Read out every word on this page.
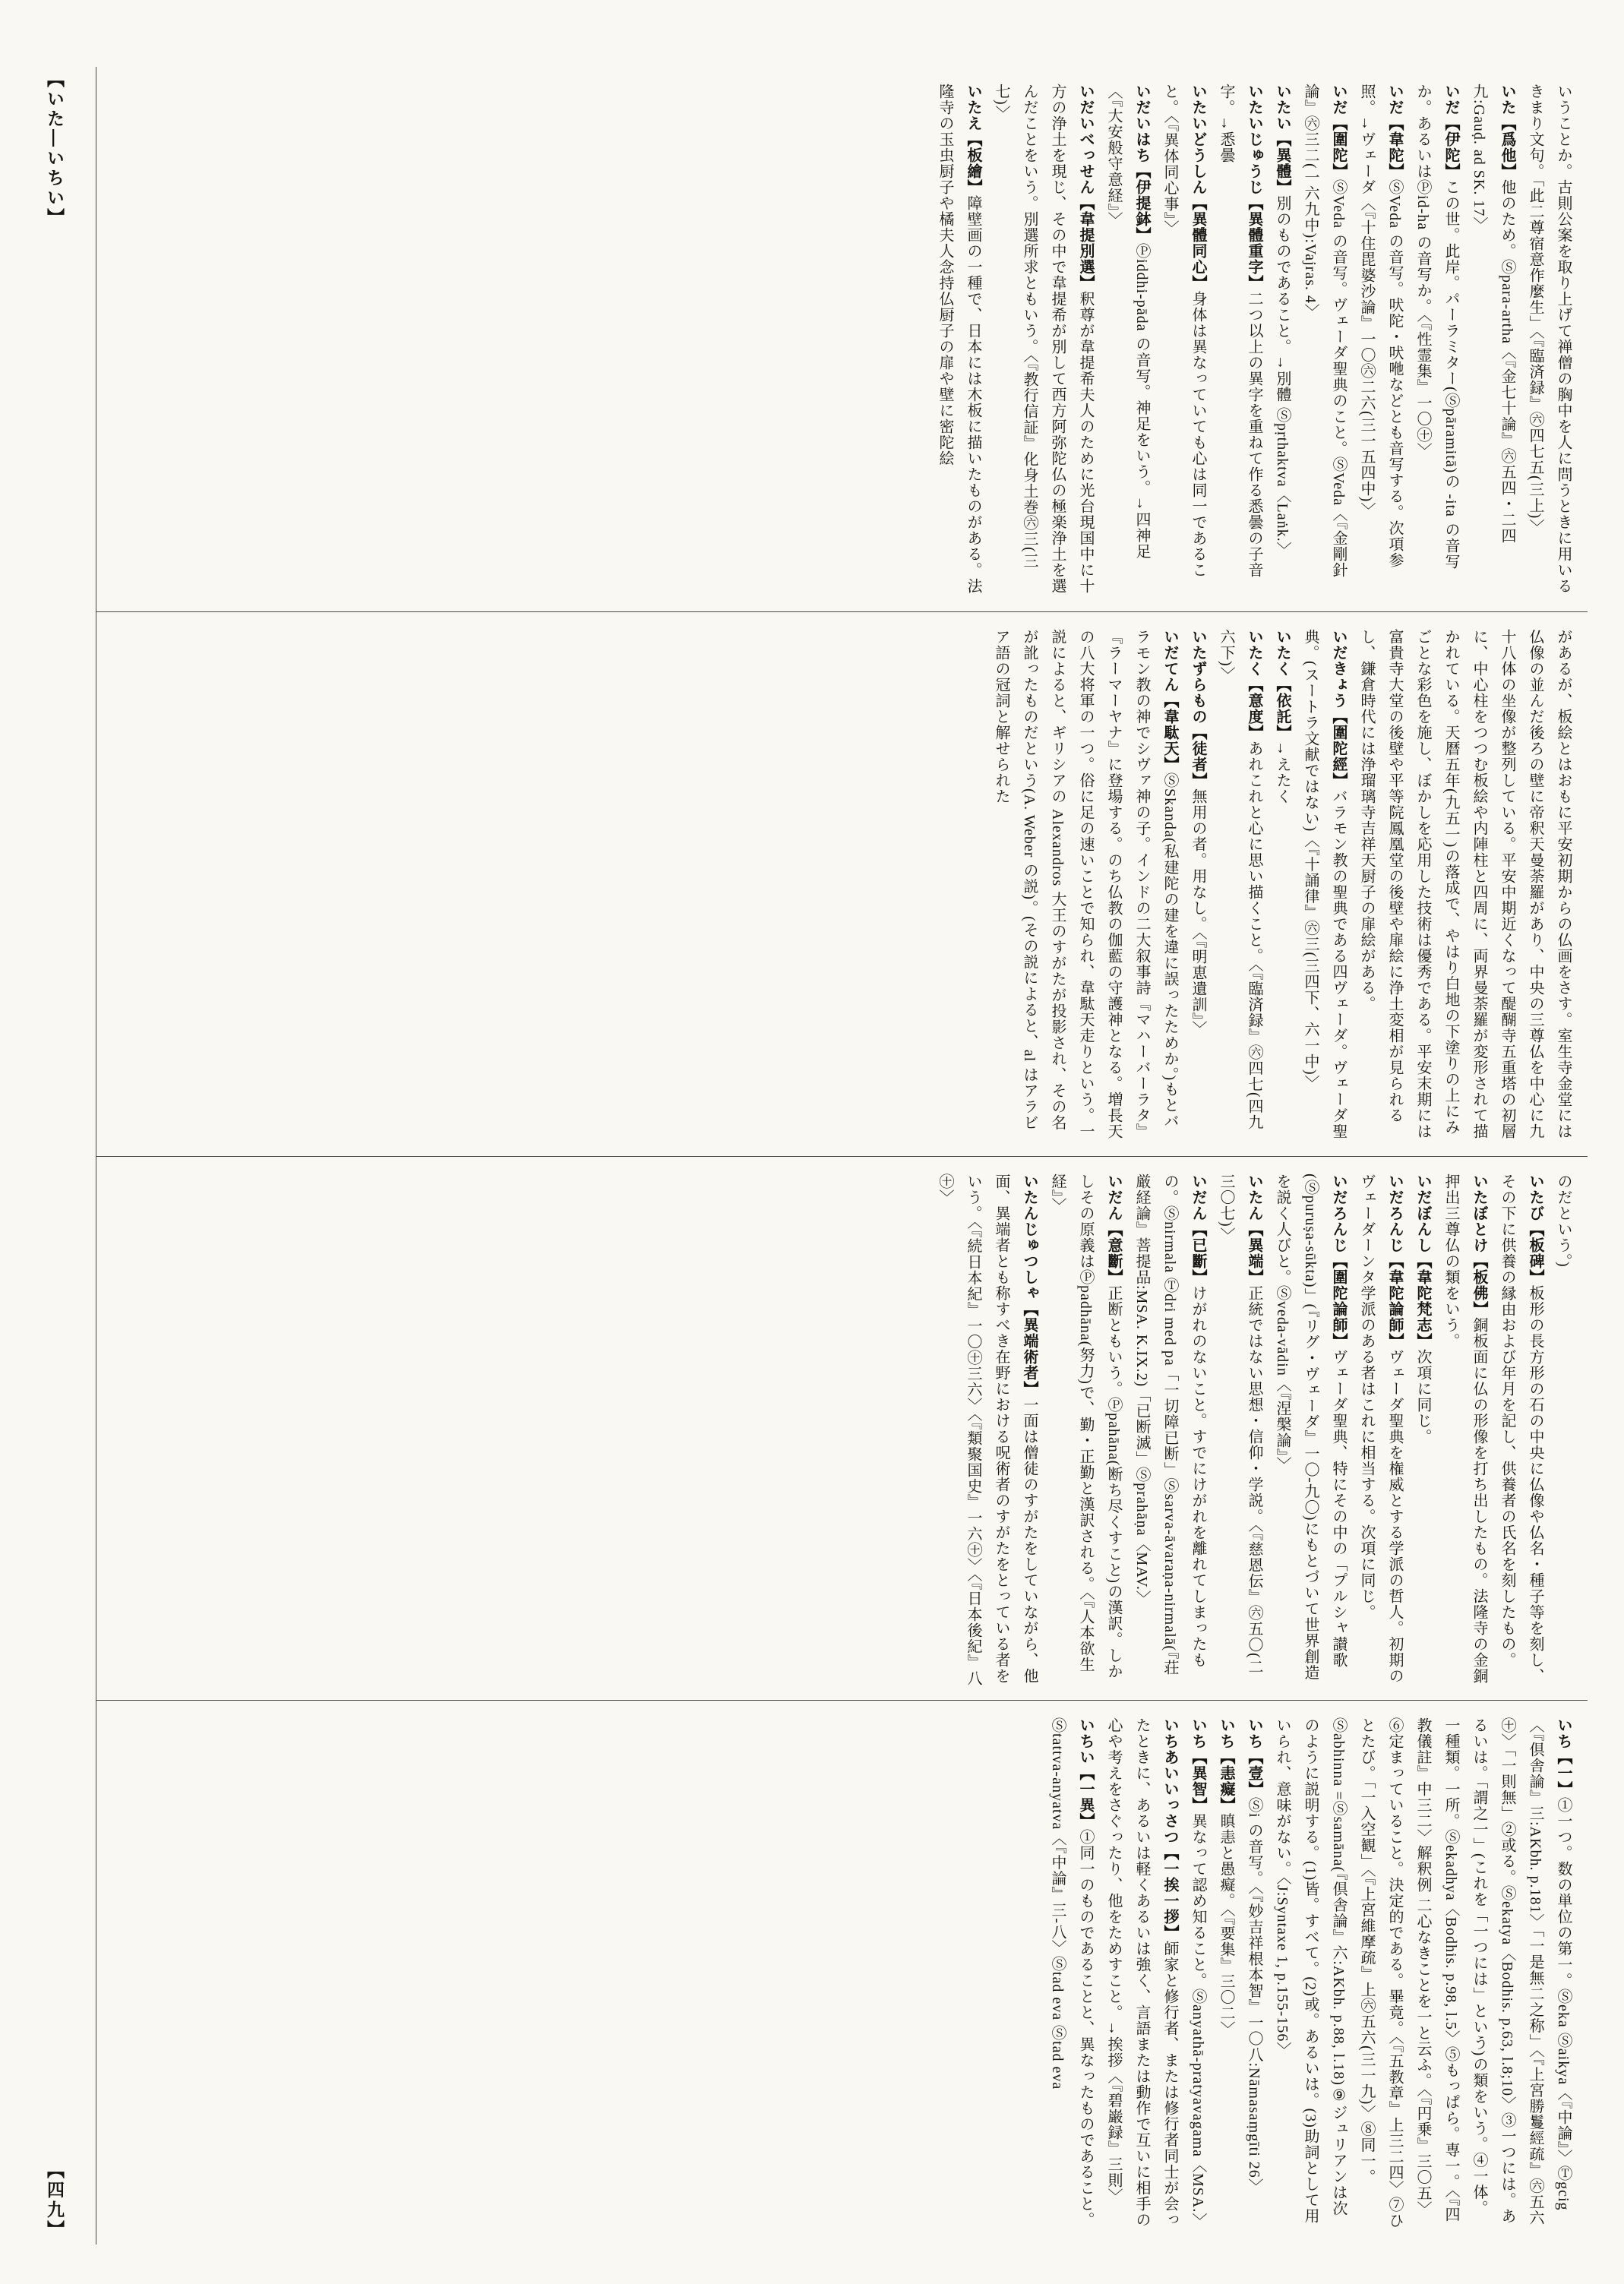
【いた―いちい】
【四九】

いうことか。古則公案を取り上げて禅僧の胸中を人に問うときに用いるきまり文句。「此二尊宿意作麼生」〈『臨済録』㊅四七五(三上)〉

いた【爲他】他のため。Ⓢpara-artha〈『金七十論』㊅五四・二四九:Gauḍ. ad SK. 17〉

いだ【伊陀】この世。此岸。パーラミター(Ⓢpāramitā)の -ita の音写か。あるいはⓅid-ha の音写か。〈『性霊集』一〇㊉〉

いだ【韋陀】ⓈVeda の音写。吠陀・吠咃などとも音写する。次項参照。→ヴェーダ〈『十住毘婆沙論』一〇㊅二六(三一五四中)〉

いだ【圍陀】ⓈVeda の音写。ヴェーダ聖典のこと。ⓈVeda〈『金剛針論』㊅三二(一六九中):Vajras. 4〉

いたい【異體】別のものであること。→別體 Ⓢpṛthaktva〈Laṅk.〉

いたいじゅうじ【異體重字】二つ以上の異字を重ねて作る悉曇の子音字。→悉曇

いたいどうしん【異體同心】身体は異なっていても心は同一であること。〈『異体同心事』〉

いだいはち【伊提鉢】Ⓟiddhi-pāda の音写。神足をいう。→四神足〈『大安般守意経』〉

いだいべっせん【韋提別選】釈尊が韋提希夫人のために光台現国中に十方の浄土を現じ、その中で韋提希が別して西方阿弥陀仏の極楽浄土を選んだことをいう。別選所求ともいう。〈『教行信証』化身土巻㊅三(三七)〉

いたえ【板繪】障壁画の一種で、日本には木板に描いたものがある。法隆寺の玉虫厨子や橘夫人念持仏厨子の扉や壁に密陀絵

があるが、板絵とはおもに平安初期からの仏画をさす。室生寺金堂には仏像の並んだ後ろの壁に帝釈天曼荼羅があり、中央の三尊仏を中心に九十八体の坐像が整列している。平安中期近くなって醍醐寺五重塔の初層に、中心柱をつつむ板絵や内陣柱と四周に、両界曼荼羅が変形されて描かれている。天暦五年(九五一)の落成で、やはり白地の下塗りの上にみごとな彩色を施し、ぼかしを応用した技術は優秀である。平安末期には富貴寺大堂の後壁や平等院鳳凰堂の後壁や扉絵に浄土変相が見られるし、鎌倉時代には浄瑠璃寺吉祥天厨子の扉絵がある。

いだきょう【圍陀經】バラモン教の聖典である四ヴェーダ。ヴェーダ聖典。(スートラ文献ではない)〈『十誦律』㊅三(三四下、六一中)〉

いたく【依託】→えたく

いたく【意度】あれこれと心に思い描くこと。〈『臨済録』㊅四七(四九六下)〉

いたずらもの【徒者】無用の者。用なし。〈『明恵遺訓』〉

いだてん【韋駄天】ⓈSkanda(私建陀の建を違に誤ったためか。)もとバラモン教の神でシヴァ神の子。インドの二大叙事詩『マハーバーラタ』『ラーマーヤナ』に登場する。のち仏教の伽藍の守護神となる。増長天の八大将軍の一つ。俗に足の速いことで知られ、韋駄天走りという。一説によると、ギリシアの Alexandros 大王のすがたが投影され、その名が訛ったものだという(A. Weber の説)。(その説によると、al はアラビア語の冠詞と解せられた

のだという。)

いたび【板碑】板形の長方形の石の中央に仏像や仏名・種子等を刻し、その下に供養の縁由および年月を記し、供養者の氏名を刻したもの。

いたぼとけ【板佛】銅板面に仏の形像を打ち出したもの。法隆寺の金銅押出三尊仏の類をいう。

いだぼんし【韋陀梵志】次項に同じ。

いだろんじ【韋陀論師】ヴェーダ聖典を権威とする学派の哲人。初期のヴェーダーンタ学派のある者はこれに相当する。次項に同じ。

いだろんじ【圍陀論師】ヴェーダ聖典、特にその中の「プルシャ讃歌(Ⓢpuruṣa-sūkta)」(『リグ・ヴェーダ』一〇-九〇)にもとづいて世界創造を説く人びと。Ⓢveda-vādin〈『涅槃論』〉

いたん【異端】正統ではない思想・信仰・学説。〈『慈恩伝』㊅五〇(二三〇七)〉

いだん【已斷】けがれのないこと。すでにけがれを離れてしまったもの。Ⓢnirmala Ⓣdri med pa「一切障已断」Ⓢsarva-āvaraṇa-nirmalā(『荘厳経論』菩提品:MSA. K.IX.2)「已断滅」Ⓢprahāṇa〈MAV.〉

いだん【意斷】正断ともいう。Ⓟpahāna(断ち尽くすこと)の漢訳。しかしその原義はⓅpadhāna(努力)で、勤・正勤と漢訳される。〈『人本欲生経』〉

いたんじゅつしゃ【異端術者】一面は僧徒のすがたをしていながら、他面、異端者とも称すべき在野における呪術者のすがたをとっている者をいう。〈『続日本紀』一〇㊉三六〉〈『類聚国史』一六㊉〉〈『日本後紀』八㊉〉

いち【一】①一つ。数の単位の第一。Ⓢeka Ⓢaikya〈『中論』〉Ⓣgcig〈『倶舎論』三:AKbh. p.181〉「一是無二之称」〈『上宮勝鬘經疏』㊅五六㊉〉「一則無」②或る。Ⓢekatya〈Bodhis. p.63, l.8;10〉③一つには。あるいは。「謂之一」(これを「一つには」という)の類をいう。④一体。一種類。一所。Ⓢekadhya〈Bodhis. p.98, l.5〉⑤もっぱら。専一。〈『四教儀註』中三二〉解釈例 二心なきことを一と云ふ。〈『円乗』三〇五〉⑥定まっていること。決定的である。畢竟。〈『五教章』上三二四〉⑦ひとたび。「一入空観」〈『上宮維摩疏』上㊅五六(三一九)〉⑧同一。Ⓢabhinna =Ⓢsamāna(『倶舎論』六:AKbh. p.88, l.18)⑨ジュリアンは次のように説明する。(1)皆。すべて。(2)或。あるいは。(3)助詞として用いられ、意味がない。〈J:Syntaxe 1, p.155-156〉

いち【壹】Ⓢi の音写。〈『妙吉祥根本智』一〇八:Nāmasaṃgīti 26〉

いち【恚癡】瞋恚と愚癡。〈『要集』三〇二〉

いち【異智】異なって認め知ること。Ⓢanyathā-pratyavagama〈MSA.〉

いちあいいっさつ【一挨一拶】師家と修行者、または修行者同士が会ったときに、あるいは軽くあるいは強く、言語または動作で互いに相手の心や考えをさぐったり、他をためすこと。→挨拶〈『碧巌録』三則〉

いちい【一異】①同一のものであることと、異なったものであること。Ⓢtattva-anyatva〈『中論』三-八〉Ⓢtad eva Ⓢtad eva
